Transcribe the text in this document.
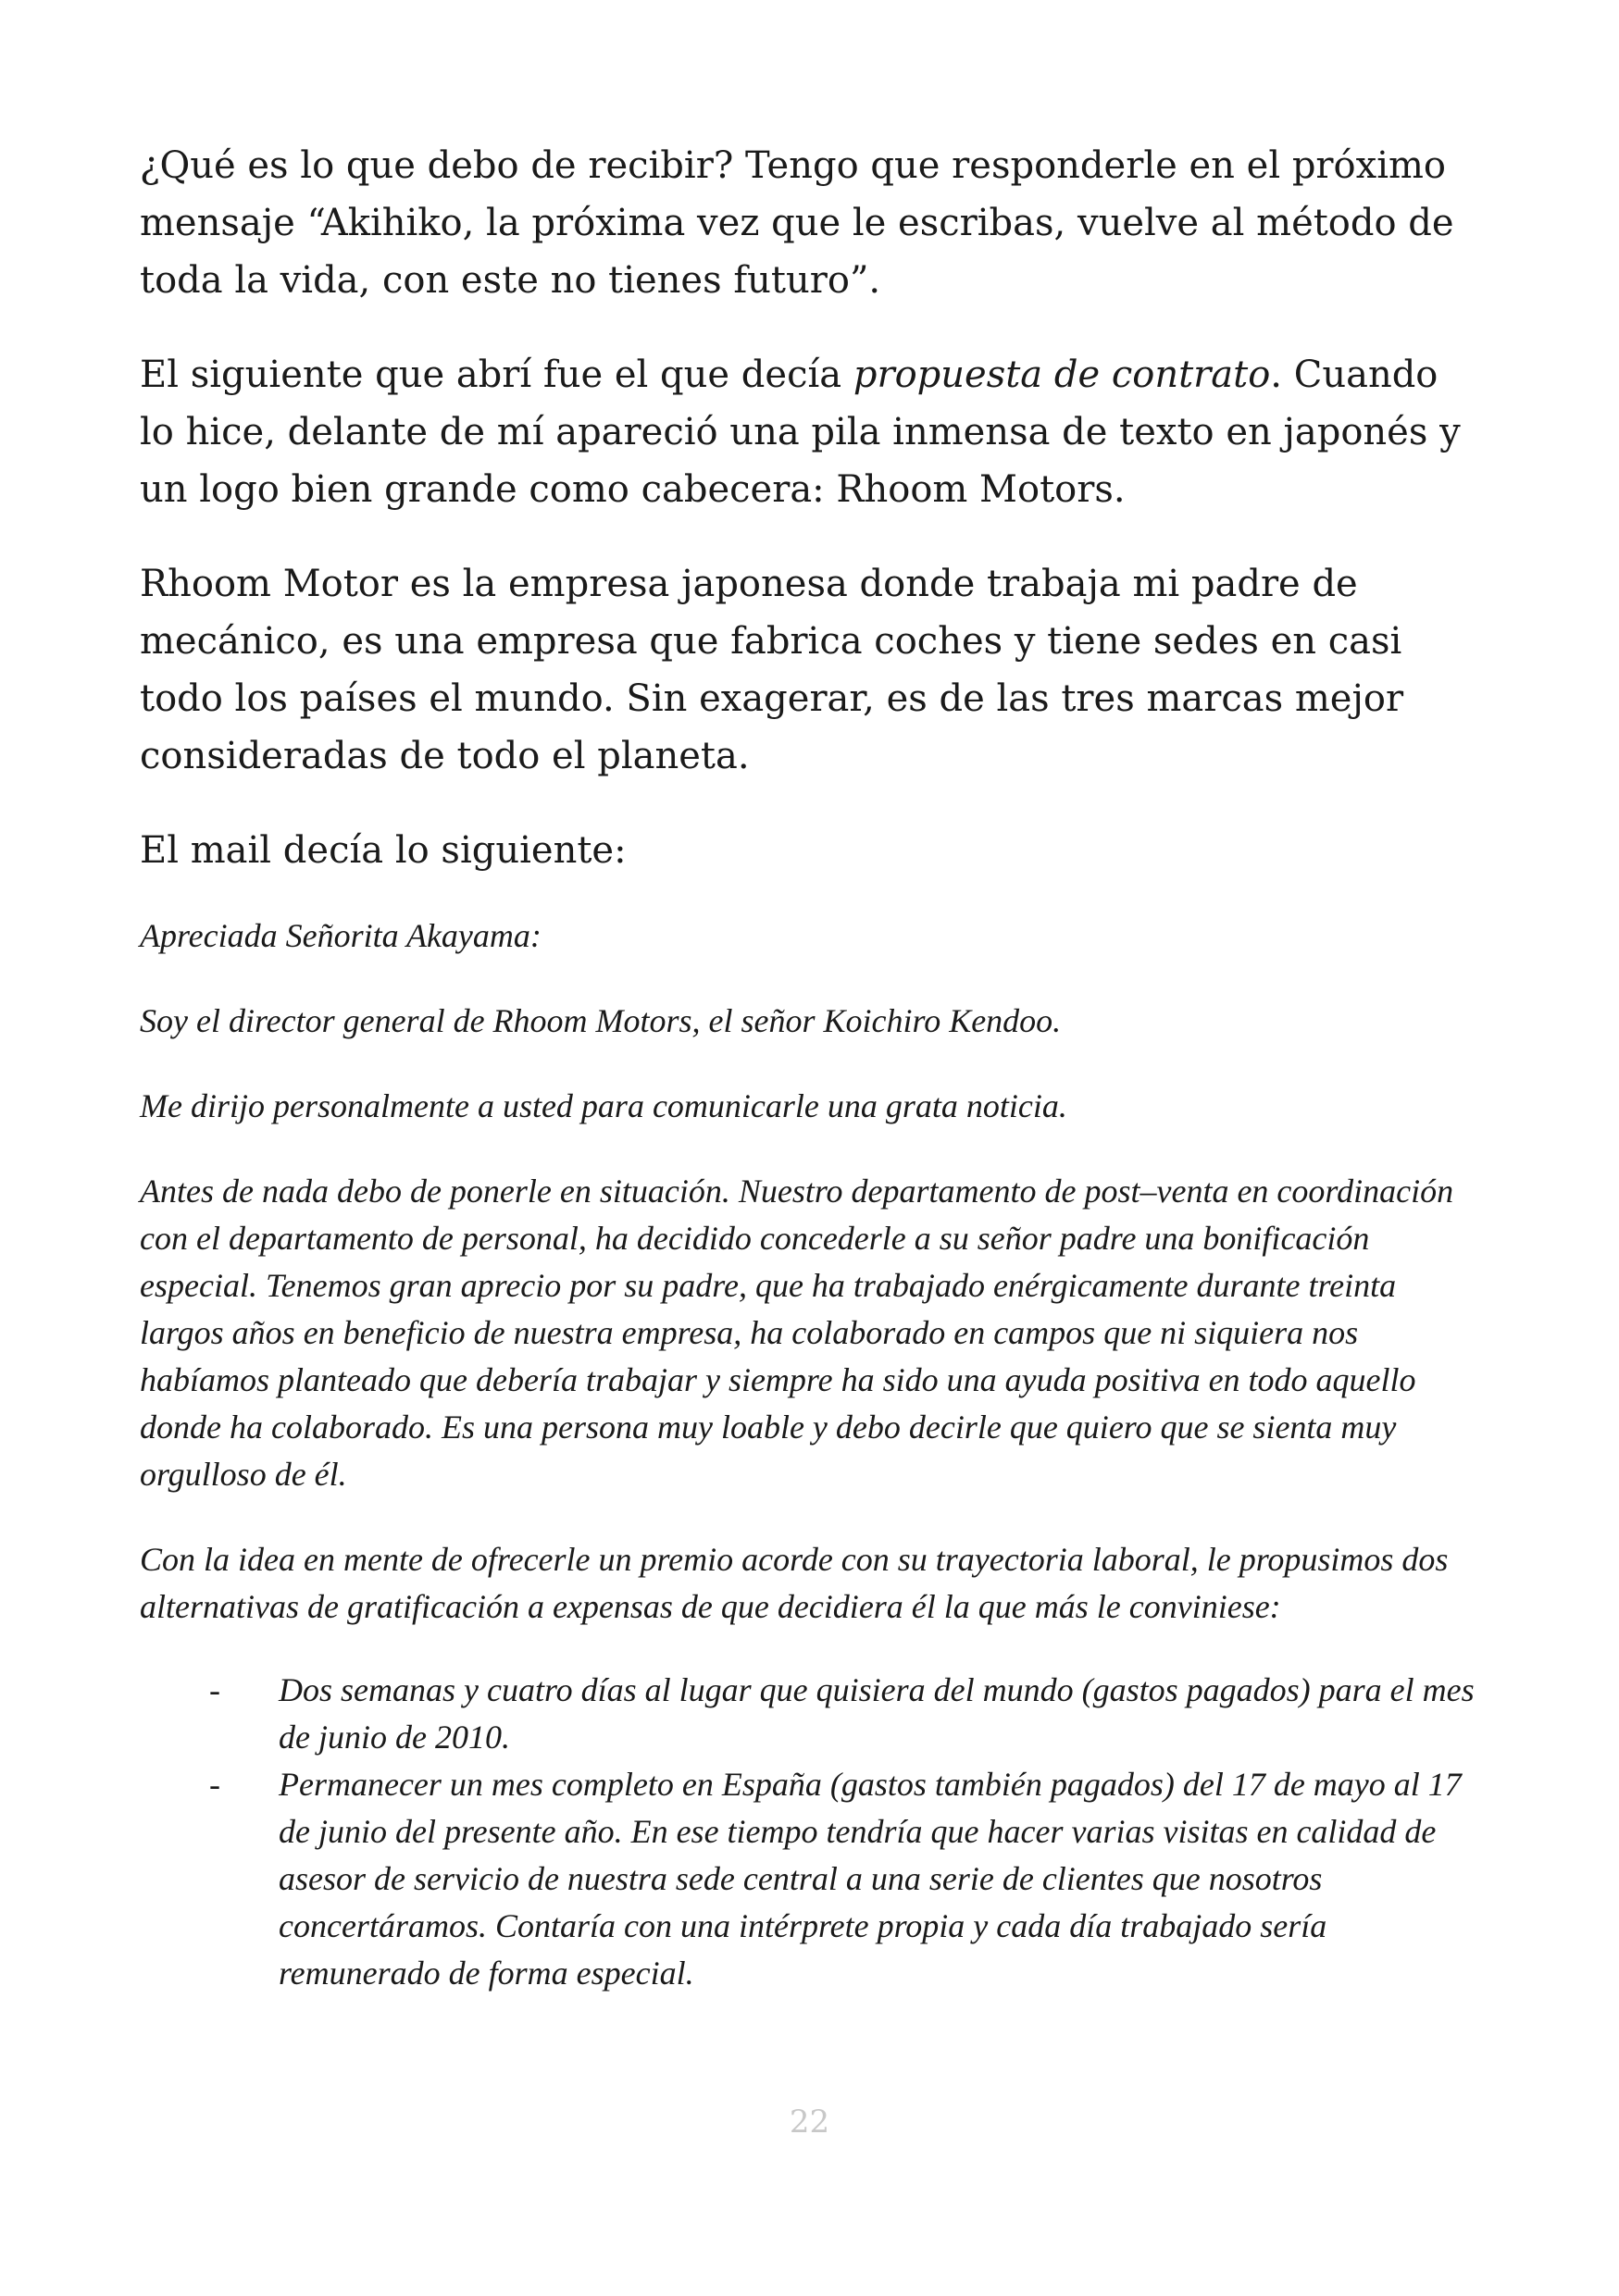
¿Qué es lo que debo de recibir? Tengo que responderle en el próximo mensaje “Akihiko, la próxima vez que le escribas, vuelve al método de toda la vida, con este no tienes futuro”.

El siguiente que abrí fue el que decía propuesta de contrato. Cuando lo hice, delante de mí apareció una pila inmensa de texto en japonés y un logo bien grande como cabecera: Rhoom Motors.

Rhoom Motor es la empresa japonesa donde trabaja mi padre de mecánico, es una empresa que fabrica coches y tiene sedes en casi todo los países el mundo. Sin exagerar, es de las tres marcas mejor consideradas de todo el planeta.

El mail decía lo siguiente:

Apreciada Señorita Akayama:

Soy el director general de Rhoom Motors, el señor Koichiro Kendoo.

Me dirijo personalmente a usted para comunicarle una grata noticia.

Antes de nada debo de ponerle en situación. Nuestro departamento de post–venta en coordinación con el departamento de personal, ha decidido concederle a su señor padre una bonificación especial. Tenemos gran aprecio por su padre, que ha trabajado enérgicamente durante treinta largos años en beneficio de nuestra empresa, ha colaborado en campos que ni siquiera nos habíamos planteado que debería trabajar y siempre ha sido una ayuda positiva en todo aquello donde ha colaborado. Es una persona muy loable y debo decirle que quiero que se sienta muy orgulloso de él.

Con la idea en mente de ofrecerle un premio acorde con su trayectoria laboral, le propusimos dos alternativas de gratificación a expensas de que decidiera él la que más le conviniese:

- Dos semanas y cuatro días al lugar que quisiera del mundo (gastos pagados) para el mes de junio de 2010.
- Permanecer un mes completo en España (gastos también pagados) del 17 de mayo al 17 de junio del presente año. En ese tiempo tendría que hacer varias visitas en calidad de asesor de servicio de nuestra sede central a una serie de clientes que nosotros concertáramos. Contaría con una intérprete propia y cada día trabajado sería remunerado de forma especial.
22
